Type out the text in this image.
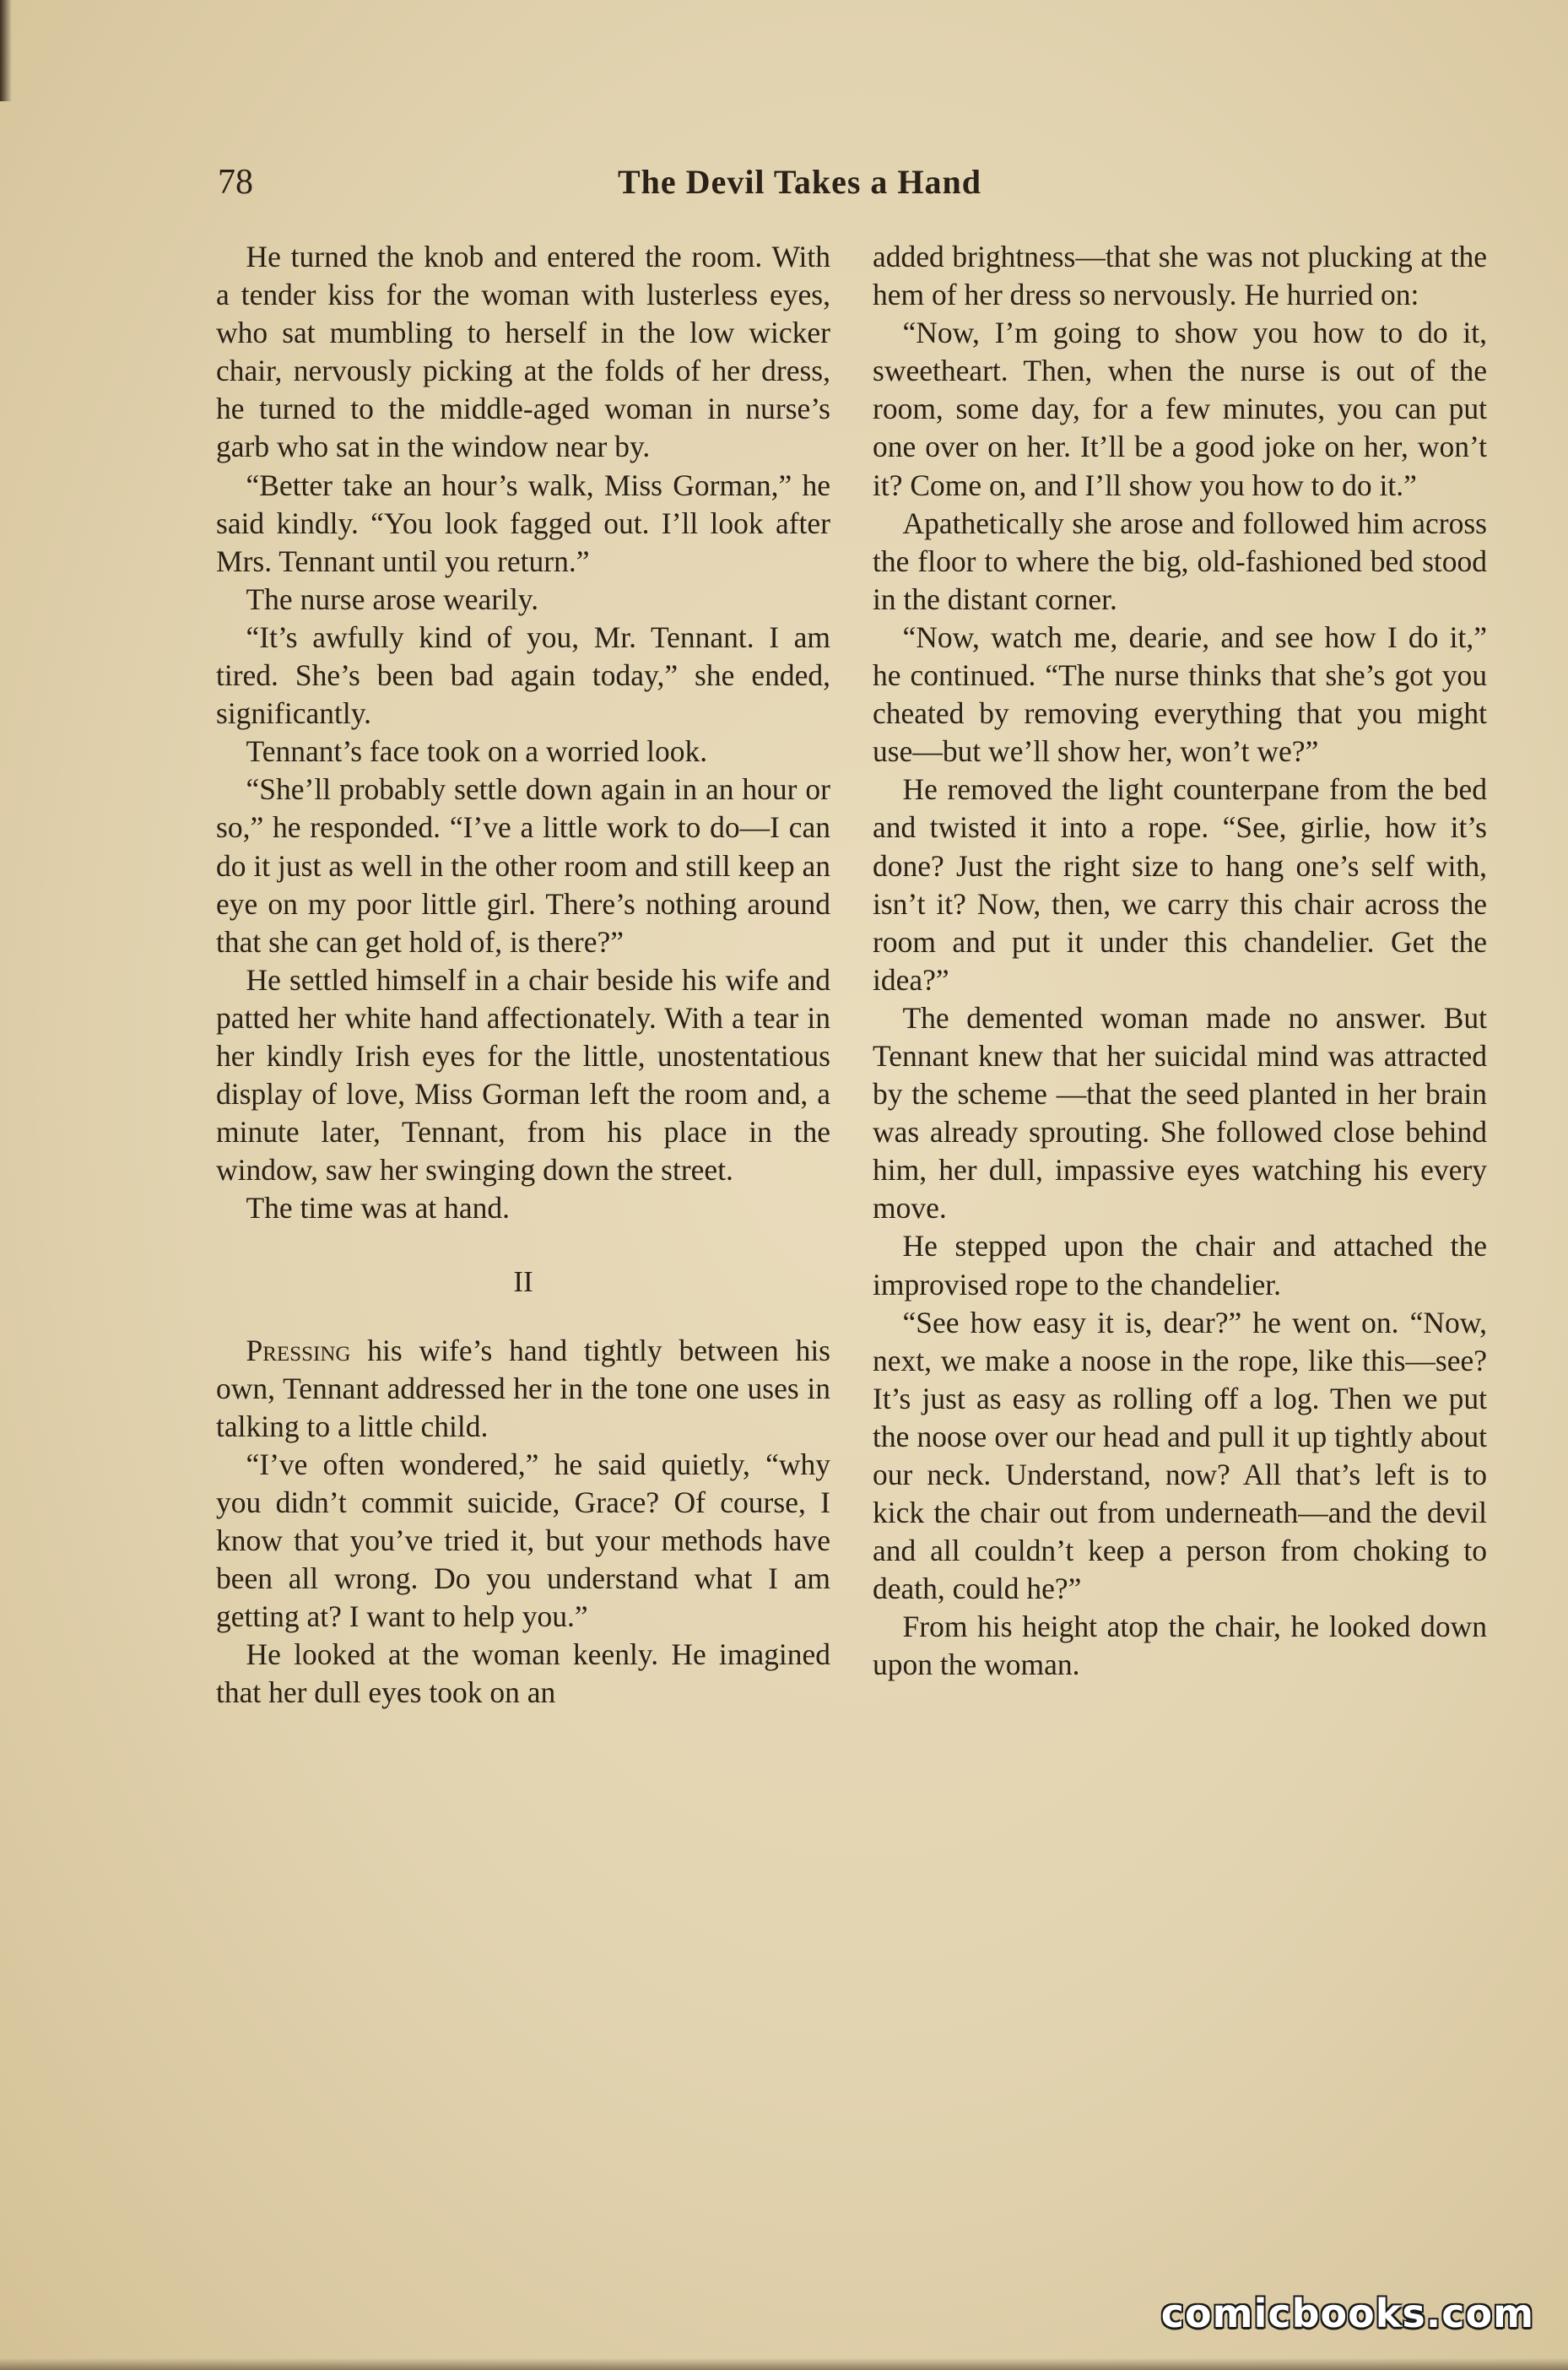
78	The Devil Takes a Hand

He turned the knob and entered the room. With a tender kiss for the woman with lusterless eyes, who sat mumbling to herself in the low wicker chair, nervously picking at the folds of her dress, he turned to the middle-aged woman in nurse’s garb who sat in the window near by.

“Better take an hour’s walk, Miss Gorman,” he said kindly. “You look fagged out. I’ll look after Mrs. Tennant until you return.”

The nurse arose wearily.

“It’s awfully kind of you, Mr. Tennant. I am tired. She’s been bad again today,” she ended, significantly.

Tennant’s face took on a worried look.

“She’ll probably settle down again in an hour or so,” he responded. “I’ve a little work to do—I can do it just as well in the other room and still keep an eye on my poor little girl. There’s nothing around that she can get hold of, is there?”

He settled himself in a chair beside his wife and patted her white hand affectionately. With a tear in her kindly Irish eyes for the little, unostentatious display of love, Miss Gorman left the room and, a minute later, Tennant, from his place in the window, saw her swinging down the street.

The time was at hand.

II

Pressing his wife’s hand tightly between his own, Tennant addressed her in the tone one uses in talking to a little child.

“I’ve often wondered,” he said quietly, “why you didn’t commit suicide, Grace? Of course, I know that you’ve tried it, but your methods have been all wrong. Do you understand what I am getting at? I want to help you.”

He looked at the woman keenly. He imagined that her dull eyes took on an

added brightness—that she was not plucking at the hem of her dress so nervously. He hurried on:

“Now, I’m going to show you how to do it, sweetheart. Then, when the nurse is out of the room, some day, for a few minutes, you can put one over on her. It’ll be a good joke on her, won’t it? Come on, and I’ll show you how to do it.”

Apathetically she arose and followed him across the floor to where the big, old-fashioned bed stood in the distant corner.

“Now, watch me, dearie, and see how I do it,” he continued. “The nurse thinks that she’s got you cheated by removing everything that you might use—but we’ll show her, won’t we?”

He removed the light counterpane from the bed and twisted it into a rope. “See, girlie, how it’s done? Just the right size to hang one’s self with, isn’t it? Now, then, we carry this chair across the room and put it under this chandelier. Get the idea?”

The demented woman made no answer. But Tennant knew that her suicidal mind was attracted by the scheme —that the seed planted in her brain was already sprouting. She followed close behind him, her dull, impassive eyes watching his every move.

He stepped upon the chair and attached the improvised rope to the chandelier.

“See how easy it is, dear?” he went on. “Now, next, we make a noose in the rope, like this—see? It’s just as easy as rolling off a log. Then we put the noose over our head and pull it up tightly about our neck. Understand, now? All that’s left is to kick the chair out from underneath—and the devil and all couldn’t keep a person from choking to death, could he?”

From his height atop the chair, he looked down upon the woman.

comicbooks.com
